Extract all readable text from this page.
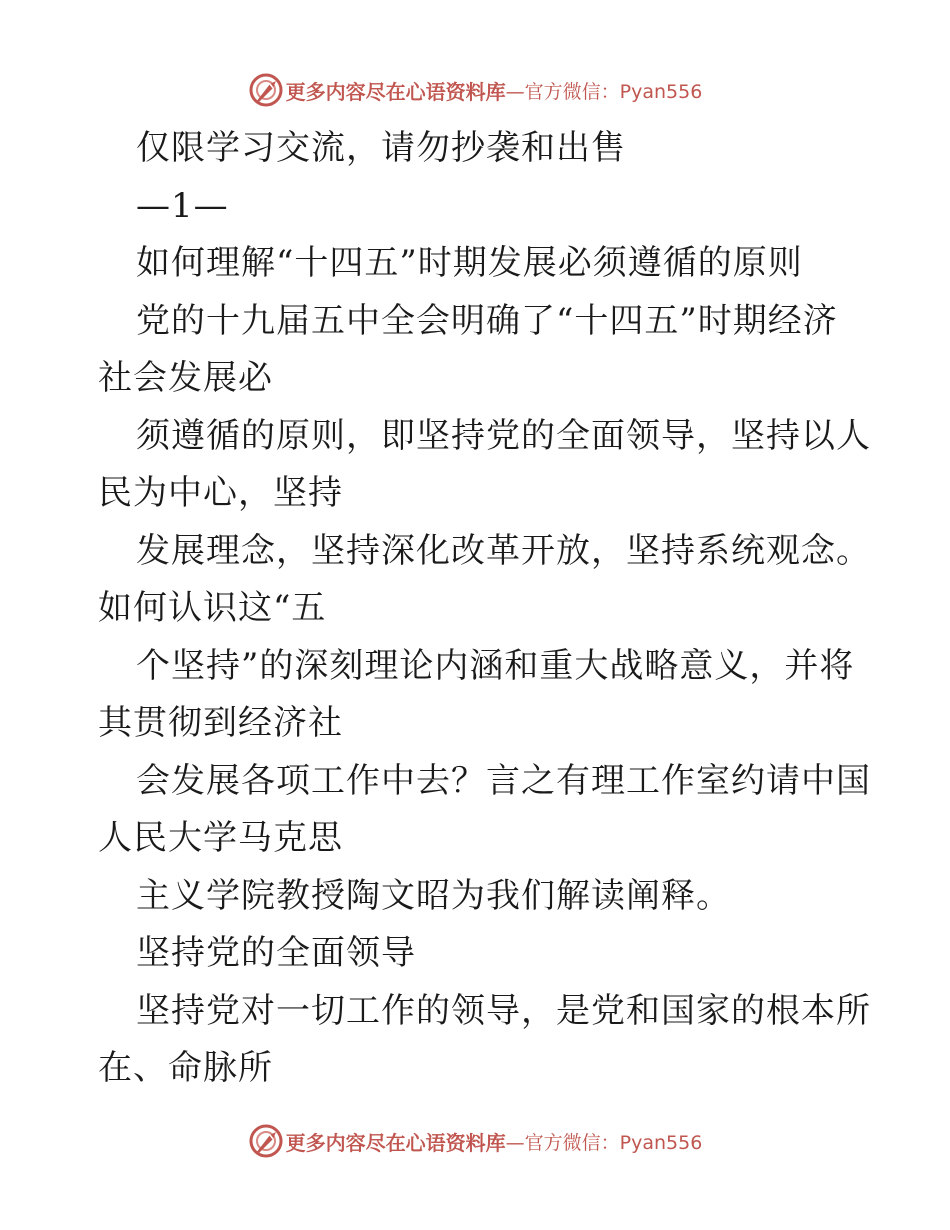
更多内容尽在心语资料库 —官方微信：Pyan556
仅限学习交流，请勿抄袭和出售
—1—
如何理解“十四五”时期发展必须遵循的原则
党的十九届五中全会明确了“十四五”时期经济
社会发展必
须遵循的原则，即坚持党的全面领导，坚持以人
民为中心，坚持
发展理念，坚持深化改革开放，坚持系统观念。
如何认识这“五
个坚持”的深刻理论内涵和重大战略意义，并将
其贯彻到经济社
会发展各项工作中去？言之有理工作室约请中国
人民大学马克思
主义学院教授陶文昭为我们解读阐释。
坚持党的全面领导
坚持党对一切工作的领导，是党和国家的根本所
在、命脉所
更多内容尽在心语资料库 —官方微信：Pyan556
